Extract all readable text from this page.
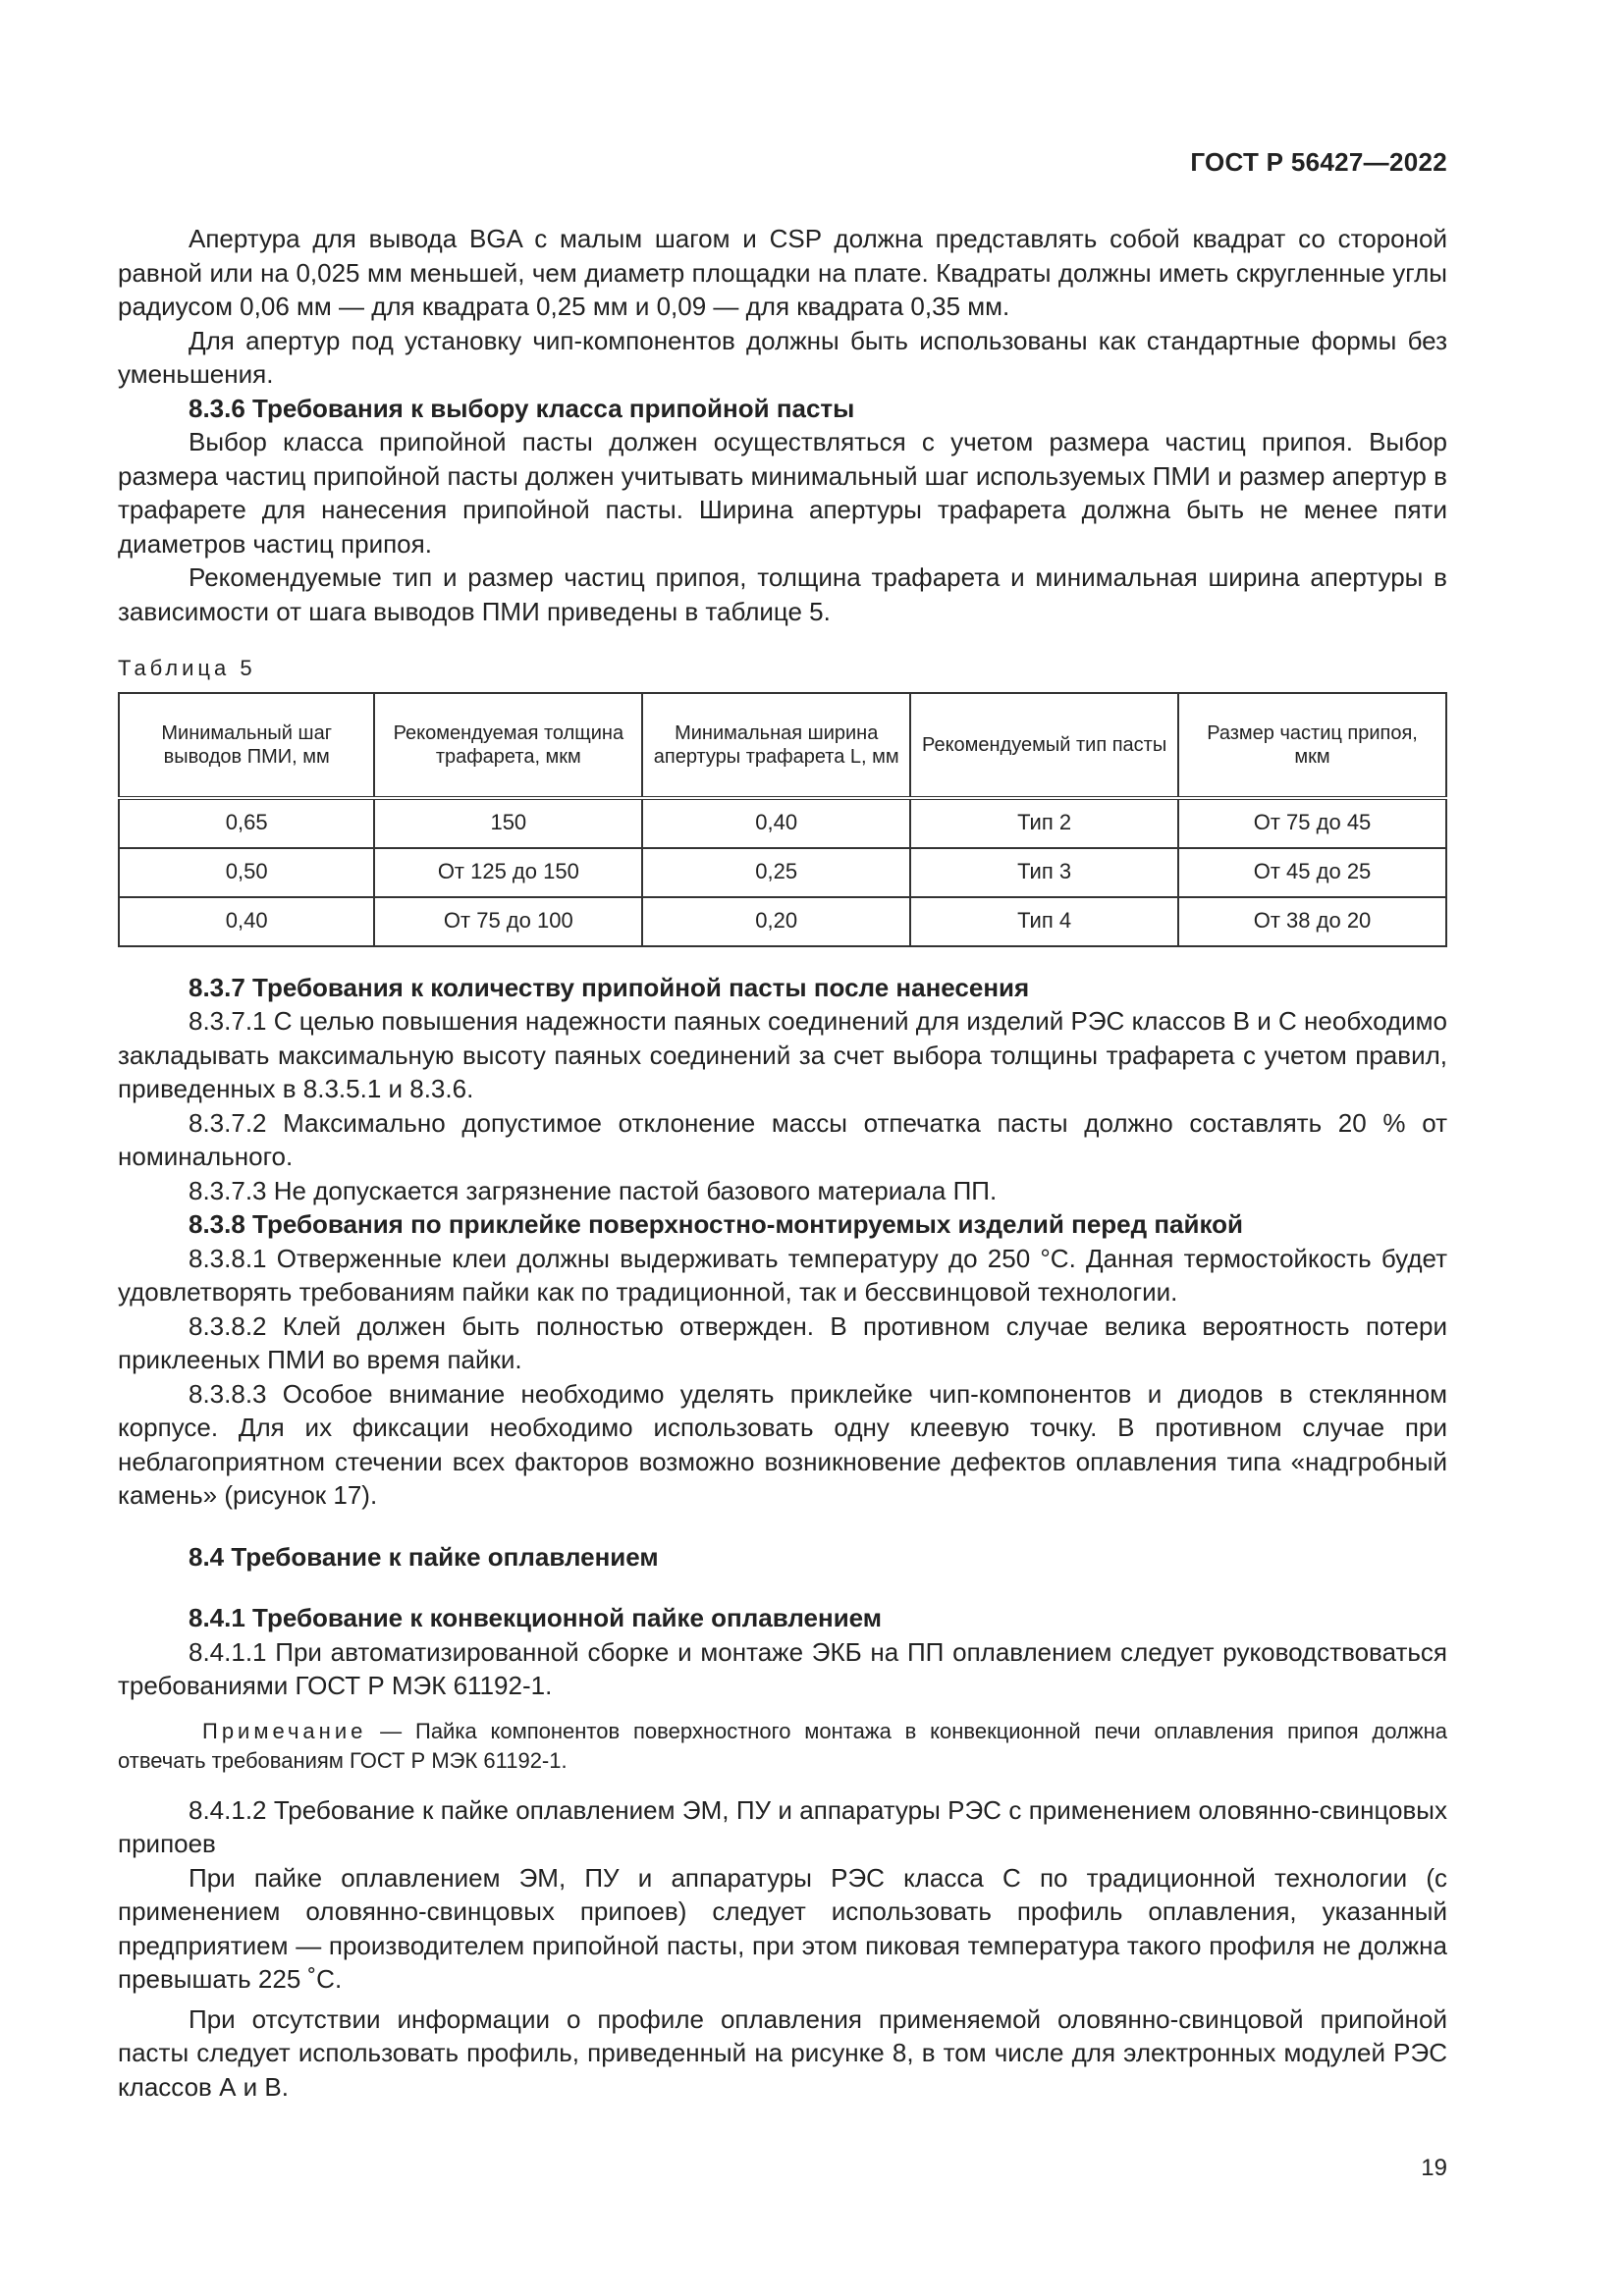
ГОСТ Р 56427—2022

Апертура для вывода BGA с малым шагом и CSP должна представлять собой квадрат со стороной равной или на 0,025 мм меньшей, чем диаметр площадки на плате. Квадраты должны иметь скругленные углы радиусом 0,06 мм — для квадрата 0,25 мм и 0,09 — для квадрата 0,35 мм.

Для апертур под установку чип-компонентов должны быть использованы как стандартные формы без уменьшения.

8.3.6 Требования к выбору класса припойной пасты

Выбор класса припойной пасты должен осуществляться с учетом размера частиц припоя. Выбор размера частиц припойной пасты должен учитывать минимальный шаг используемых ПМИ и размер апертур в трафарете для нанесения припойной пасты. Ширина апертуры трафарета должна быть не менее пяти диаметров частиц припоя.

Рекомендуемые тип и размер частиц припоя, толщина трафарета и минимальная ширина апертуры в зависимости от шага выводов ПМИ приведены в таблице 5.

Таблица 5
Минимальный шаг выводов ПМИ, мм	Рекомендуемая толщина трафарета, мкм	Минимальная ширина апертуры трафарета L, мм	Рекомендуемый тип пасты	Размер частиц припоя, мкм
0,65	150	0,40	Тип 2	От 75 до 45
0,50	От 125 до 150	0,25	Тип 3	От 45 до 25
0,40	От 75 до 100	0,20	Тип 4	От 38 до 20

8.3.7 Требования к количеству припойной пасты после нанесения

8.3.7.1 С целью повышения надежности паяных соединений для изделий РЭС классов В и С необходимо закладывать максимальную высоту паяных соединений за счет выбора толщины трафарета с учетом правил, приведенных в 8.3.5.1 и 8.3.6.

8.3.7.2 Максимально допустимое отклонение массы отпечатка пасты должно составлять 20 % от номинального.

8.3.7.3 Не допускается загрязнение пастой базового материала ПП.

8.3.8 Требования по приклейке поверхностно-монтируемых изделий перед пайкой

8.3.8.1 Отверженные клеи должны выдерживать температуру до 250 °С. Данная термостойкость будет удовлетворять требованиям пайки как по традиционной, так и бессвинцовой технологии.

8.3.8.2 Клей должен быть полностью отвержден. В противном случае велика вероятность потери приклееных ПМИ во время пайки.

8.3.8.3 Особое внимание необходимо уделять приклейке чип-компонентов и диодов в стеклянном корпусе. Для их фиксации необходимо использовать одну клеевую точку. В противном случае при неблагоприятном стечении всех факторов возможно возникновение дефектов оплавления типа «надгробный камень» (рисунок 17).

8.4 Требование к пайке оплавлением

8.4.1 Требование к конвекционной пайке оплавлением

8.4.1.1 При автоматизированной сборке и монтаже ЭКБ на ПП оплавлением следует руководствоваться требованиями ГОСТ Р МЭК 61192-1.

Примечание — Пайка компонентов поверхностного монтажа в конвекционной печи оплавления припоя должна отвечать требованиям ГОСТ Р МЭК 61192-1.

8.4.1.2 Требование к пайке оплавлением ЭМ, ПУ и аппаратуры РЭС с применением оловянно-свинцовых припоев

При пайке оплавлением ЭМ, ПУ и аппаратуры РЭС класса С по традиционной технологии (с применением оловянно-свинцовых припоев) следует использовать профиль оплавления, указанный предприятием — производителем припойной пасты, при этом пиковая температура такого профиля не должна превышать 225 ˚С.

При отсутствии информации о профиле оплавления применяемой оловянно-свинцовой припойной пасты следует использовать профиль, приведенный на рисунке 8, в том числе для электронных модулей РЭС классов А и В.

19
